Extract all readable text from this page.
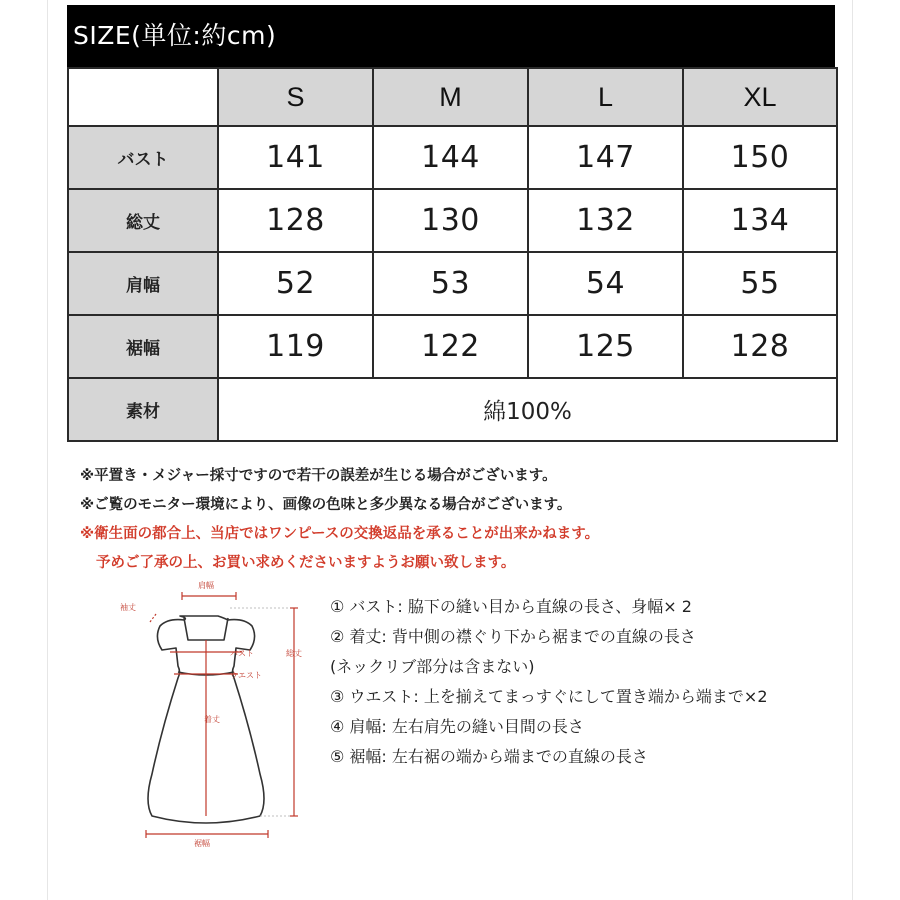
SIZE(単位:約cm)
	S	M	L	XL
バスト	141	144	147	150
総丈	128	130	132	134
肩幅	52	53	54	55
裾幅	119	122	125	128
素材	綿100%			
※平置き・メジャー採寸ですので若干の誤差が生じる場合がございます。
※ご覧のモニター環境により、画像の色味と多少異なる場合がございます。
※衛生面の都合上、当店ではワンピースの交換返品を承ることが出来かねます。
予めご了承の上、お買い求めくださいますようお願い致します。
肩幅
袖丈
総丈
バスト
ウエスト
着丈
裾幅
① バスト: 脇下の縫い目から直線の長さ、身幅× 2
② 着丈: 背中側の襟ぐり下から裾までの直線の長さ
(ネックリブ部分は含まない)
③ ウエスト: 上を揃えてまっすぐにして置き端から端まで×2
④ 肩幅: 左右肩先の縫い目間の長さ
⑤ 裾幅: 左右裾の端から端までの直線の長さ
